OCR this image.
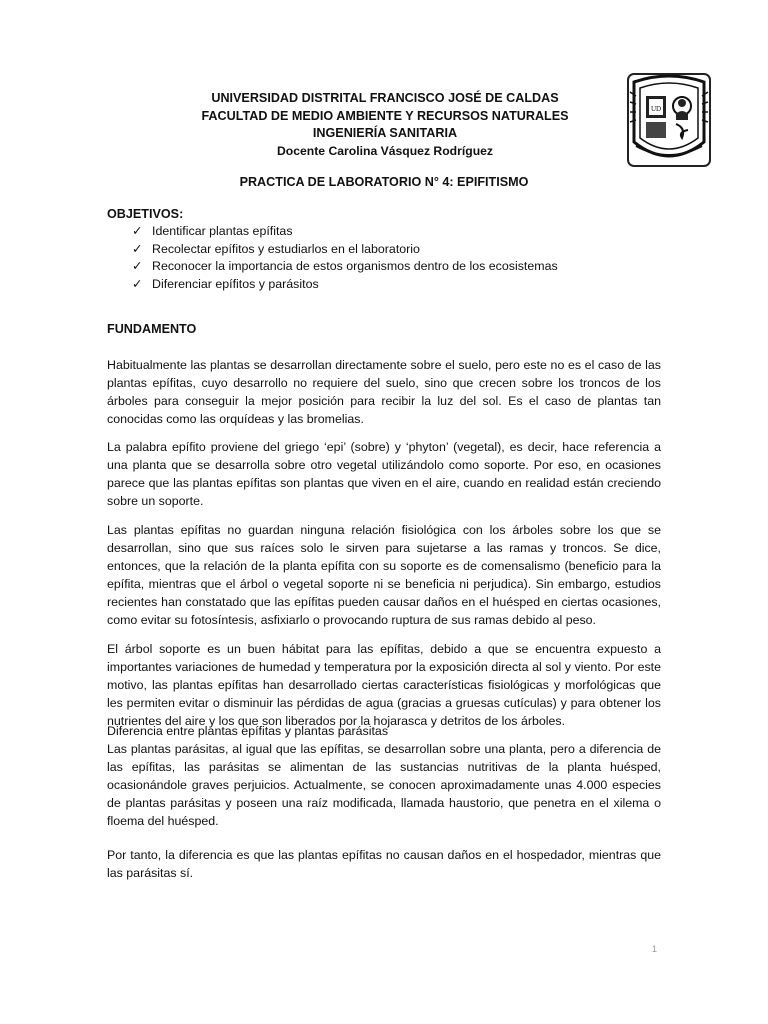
UNIVERSIDAD DISTRITAL FRANCISCO JOSÉ DE CALDAS
FACULTAD DE MEDIO AMBIENTE Y RECURSOS NATURALES
INGENIERÍA SANITARIA
Docente Carolina Vásquez Rodríguez
UD
PRACTICA DE LABORATORIO N° 4: EPIFITISMO
OBJETIVOS:
✓ Identificar plantas epífitas
✓ Recolectar epífitos y estudiarlos en el laboratorio
✓ Reconocer la importancia de estos organismos dentro de los ecosistemas
✓ Diferenciar epífitos y parásitos
FUNDAMENTO

Habitualmente las plantas se desarrollan directamente sobre el suelo, pero este no es el caso de las plantas epífitas, cuyo desarrollo no requiere del suelo, sino que crecen sobre los troncos de los árboles para conseguir la mejor posición para recibir la luz del sol. Es el caso de plantas tan conocidas como las orquídeas y las bromelias.

La palabra epífito proviene del griego ‘epi’ (sobre) y ‘phyton’ (vegetal), es decir, hace referencia a una planta que se desarrolla sobre otro vegetal utilizándolo como soporte. Por eso, en ocasiones parece que las plantas epífitas son plantas que viven en el aire, cuando en realidad están creciendo sobre un soporte.

Las plantas epífitas no guardan ninguna relación fisiológica con los árboles sobre los que se desarrollan, sino que sus raíces solo le sirven para sujetarse a las ramas y troncos. Se dice, entonces, que la relación de la planta epífita con su soporte es de comensalismo (beneficio para la epífita, mientras que el árbol o vegetal soporte ni se beneficia ni perjudica). Sin embargo, estudios recientes han constatado que las epífitas pueden causar daños en el huésped en ciertas ocasiones, como evitar su fotosíntesis, asfixiarlo o provocando ruptura de sus ramas debido al peso.

El árbol soporte es un buen hábitat para las epífitas, debido a que se encuentra expuesto a importantes variaciones de humedad y temperatura por la exposición directa al sol y viento. Por este motivo, las plantas epífitas han desarrollado ciertas características fisiológicas y morfológicas que les permiten evitar o disminuir las pérdidas de agua (gracias a gruesas cutículas) y para obtener los nutrientes del aire y los que son liberados por la hojarasca y detritos de los árboles.

Diferencia entre plantas epífitas y plantas parásitas

Las plantas parásitas, al igual que las epífitas, se desarrollan sobre una planta, pero a diferencia de las epífitas, las parásitas se alimentan de las sustancias nutritivas de la planta huésped, ocasionándole graves perjuicios. Actualmente, se conocen aproximadamente unas 4.000 especies de plantas parásitas y poseen una raíz modificada, llamada haustorio, que penetra en el xilema o floema del huésped.

Por tanto, la diferencia es que las plantas epífitas no causan daños en el hospedador, mientras que las parásitas sí.

1
